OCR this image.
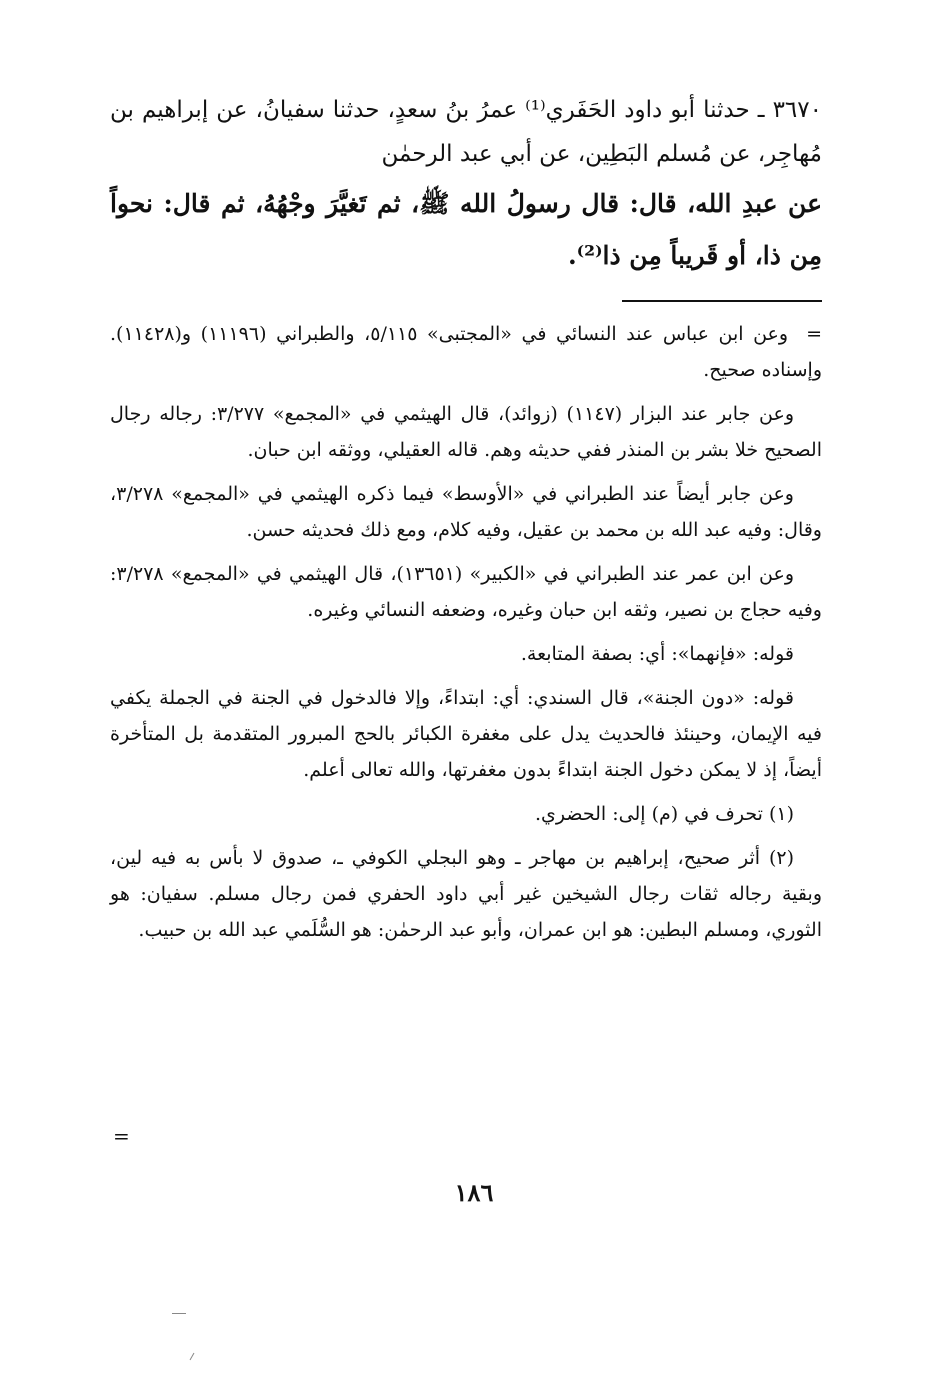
٣٦٧٠ ـ حدثنا أبو داود الحَفَري⁽¹⁾ عمرُ بنُ سعدٍ، حدثنا سفيانُ، عن إبراهيم بن مُهاجِر، عن مُسلم البَطِين، عن أبي عبد الرحمٰن

عن عبدِ الله، قال: قال رسولُ الله ﷺ، ثم تَغيَّرَ وجْهُهُ، ثم قال: نحواً مِن ذا، أو قَريباً مِن ذا⁽²⁾.

=وعن ابن عباس عند النسائي في «المجتبى» ٥/١١٥، والطبراني (١١١٩٦) و(١١٤٢٨). وإسناده صحيح.

وعن جابر عند البزار (١١٤٧) (زوائد)، قال الهيثمي في «المجمع» ٣/٢٧٧: رجاله رجال الصحيح خلا بشر بن المنذر ففي حديثه وهم. قاله العقيلي، ووثقه ابن حبان.

وعن جابر أيضاً عند الطبراني في «الأوسط» فيما ذكره الهيثمي في «المجمع» ٣/٢٧٨، وقال: وفيه عبد الله بن محمد بن عقيل، وفيه كلام، ومع ذلك فحديثه حسن.

وعن ابن عمر عند الطبراني في «الكبير» (١٣٦٥١)، قال الهيثمي في «المجمع» ٣/٢٧٨: وفيه حجاج بن نصير، وثقه ابن حبان وغيره، وضعفه النسائي وغيره.

قوله: «فإنهما»: أي: بصفة المتابعة.

قوله: «دون الجنة»، قال السندي: أي: ابتداءً، وإلا فالدخول في الجنة في الجملة يكفي فيه الإيمان، وحينئذ فالحديث يدل على مغفرة الكبائر بالحج المبرور المتقدمة بل المتأخرة أيضاً، إذ لا يمكن دخول الجنة ابتداءً بدون مغفرتها، والله تعالى أعلم.

(١) تحرف في (م) إلى: الحضري.

(٢) أثر صحيح، إبراهيم بن مهاجر ـ وهو البجلي الكوفي ـ، صدوق لا بأس به فيه لين، وبقية رجاله ثقات رجال الشيخين غير أبي داود الحفري فمن رجال مسلم. سفيان: هو الثوري، ومسلم البطين: هو ابن عمران، وأبو عبد الرحمٰن: هو السُّلَمي عبد الله بن حبيب.

=
١٨٦
